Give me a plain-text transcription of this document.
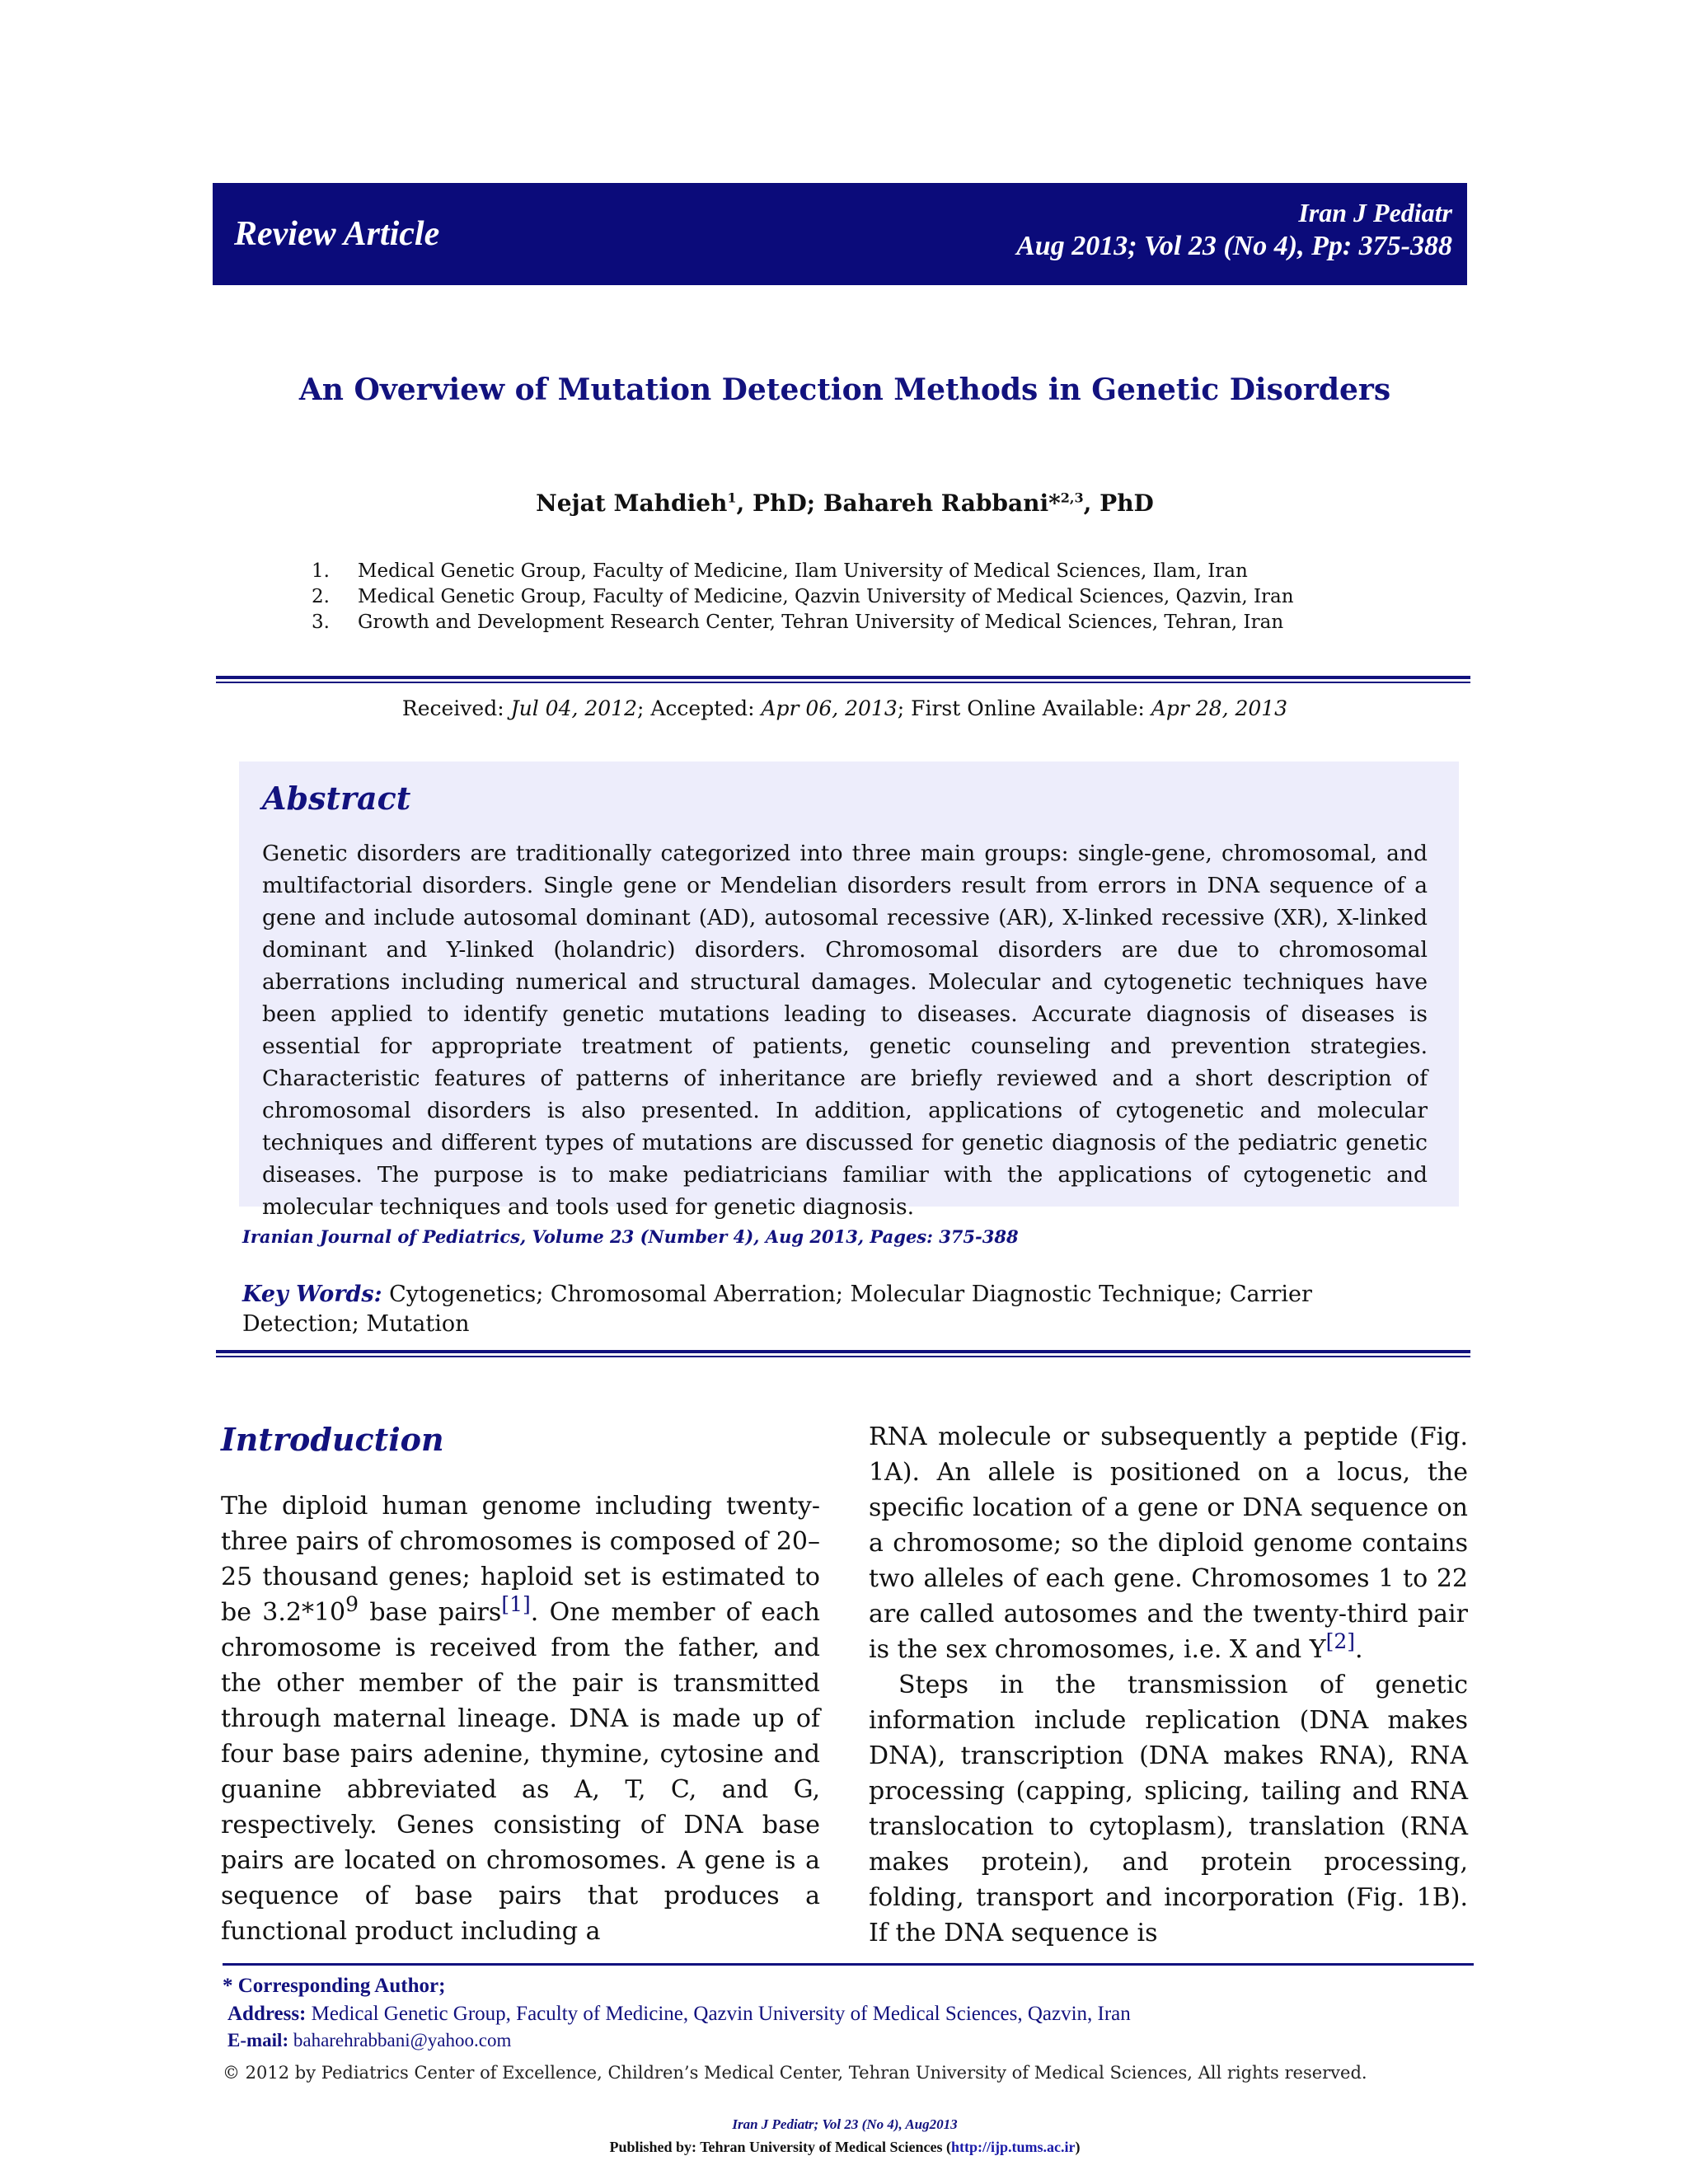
Review Article
Iran J Pediatr
Aug 2013; Vol 23 (No 4), Pp: 375-388
An Overview of Mutation Detection Methods in Genetic Disorders
Nejat Mahdieh$^1$, PhD; Bahareh Rabbani*$^{2,3}$, PhD
1. Medical Genetic Group, Faculty of Medicine, Ilam University of Medical Sciences, Ilam, Iran
2. Medical Genetic Group, Faculty of Medicine, Qazvin University of Medical Sciences, Qazvin, Iran
3. Growth and Development Research Center, Tehran University of Medical Sciences, Tehran, Iran
Received: Jul 04, 2012; Accepted: Apr 06, 2013; First Online Available: Apr 28, 2013
Abstract
Genetic disorders are traditionally categorized into three main groups: single-gene, chromosomal, and multifactorial disorders. Single gene or Mendelian disorders result from errors in DNA sequence of a gene and include autosomal dominant (AD), autosomal recessive (AR), X-linked recessive (XR), X-linked dominant and Y-linked (holandric) disorders. Chromosomal disorders are due to chromosomal aberrations including numerical and structural damages. Molecular and cytogenetic techniques have been applied to identify genetic mutations leading to diseases. Accurate diagnosis of diseases is essential for appropriate treatment of patients, genetic counseling and prevention strategies. Characteristic features of patterns of inheritance are briefly reviewed and a short description of chromosomal disorders is also presented. In addition, applications of cytogenetic and molecular techniques and different types of mutations are discussed for genetic diagnosis of the pediatric genetic diseases. The purpose is to make pediatricians familiar with the applications of cytogenetic and molecular techniques and tools used for genetic diagnosis.
Iranian Journal of Pediatrics, Volume 23 (Number 4), Aug 2013, Pages: 375-388
Key Words: Cytogenetics; Chromosomal Aberration; Molecular Diagnostic Technique; Carrier Detection; Mutation
Introduction
The diploid human genome including twenty-three pairs of chromosomes is composed of 20–25 thousand genes; haploid set is estimated to be $3.2*10^9$ base pairs[1]. One member of each chromosome is received from the father, and the other member of the pair is transmitted through maternal lineage. DNA is made up of four base pairs adenine, thymine, cytosine and guanine abbreviated as A, T, C, and G, respectively. Genes consisting of DNA base pairs are located on chromosomes. A gene is a sequence of base pairs that produces a functional product including a
RNA molecule or subsequently a peptide (Fig. 1A). An allele is positioned on a locus, the specific location of a gene or DNA sequence on a chromosome; so the diploid genome contains two alleles of each gene. Chromosomes 1 to 22 are called autosomes and the twenty-third pair is the sex chromosomes, i.e. X and Y[2].
Steps in the transmission of genetic information include replication (DNA makes DNA), transcription (DNA makes RNA), RNA processing (capping, splicing, tailing and RNA translocation to cytoplasm), translation (RNA makes protein), and protein processing, folding, transport and incorporation (Fig. 1B). If the DNA sequence is
* Corresponding Author;
Address: Medical Genetic Group, Faculty of Medicine, Qazvin University of Medical Sciences, Qazvin, Iran
E-mail: baharehrabbani@yahoo.com
© 2012 by Pediatrics Center of Excellence, Children’s Medical Center, Tehran University of Medical Sciences, All rights reserved.
Iran J Pediatr; Vol 23 (No 4), Aug2013
Published by: Tehran University of Medical Sciences (http://ijp.tums.ac.ir)
